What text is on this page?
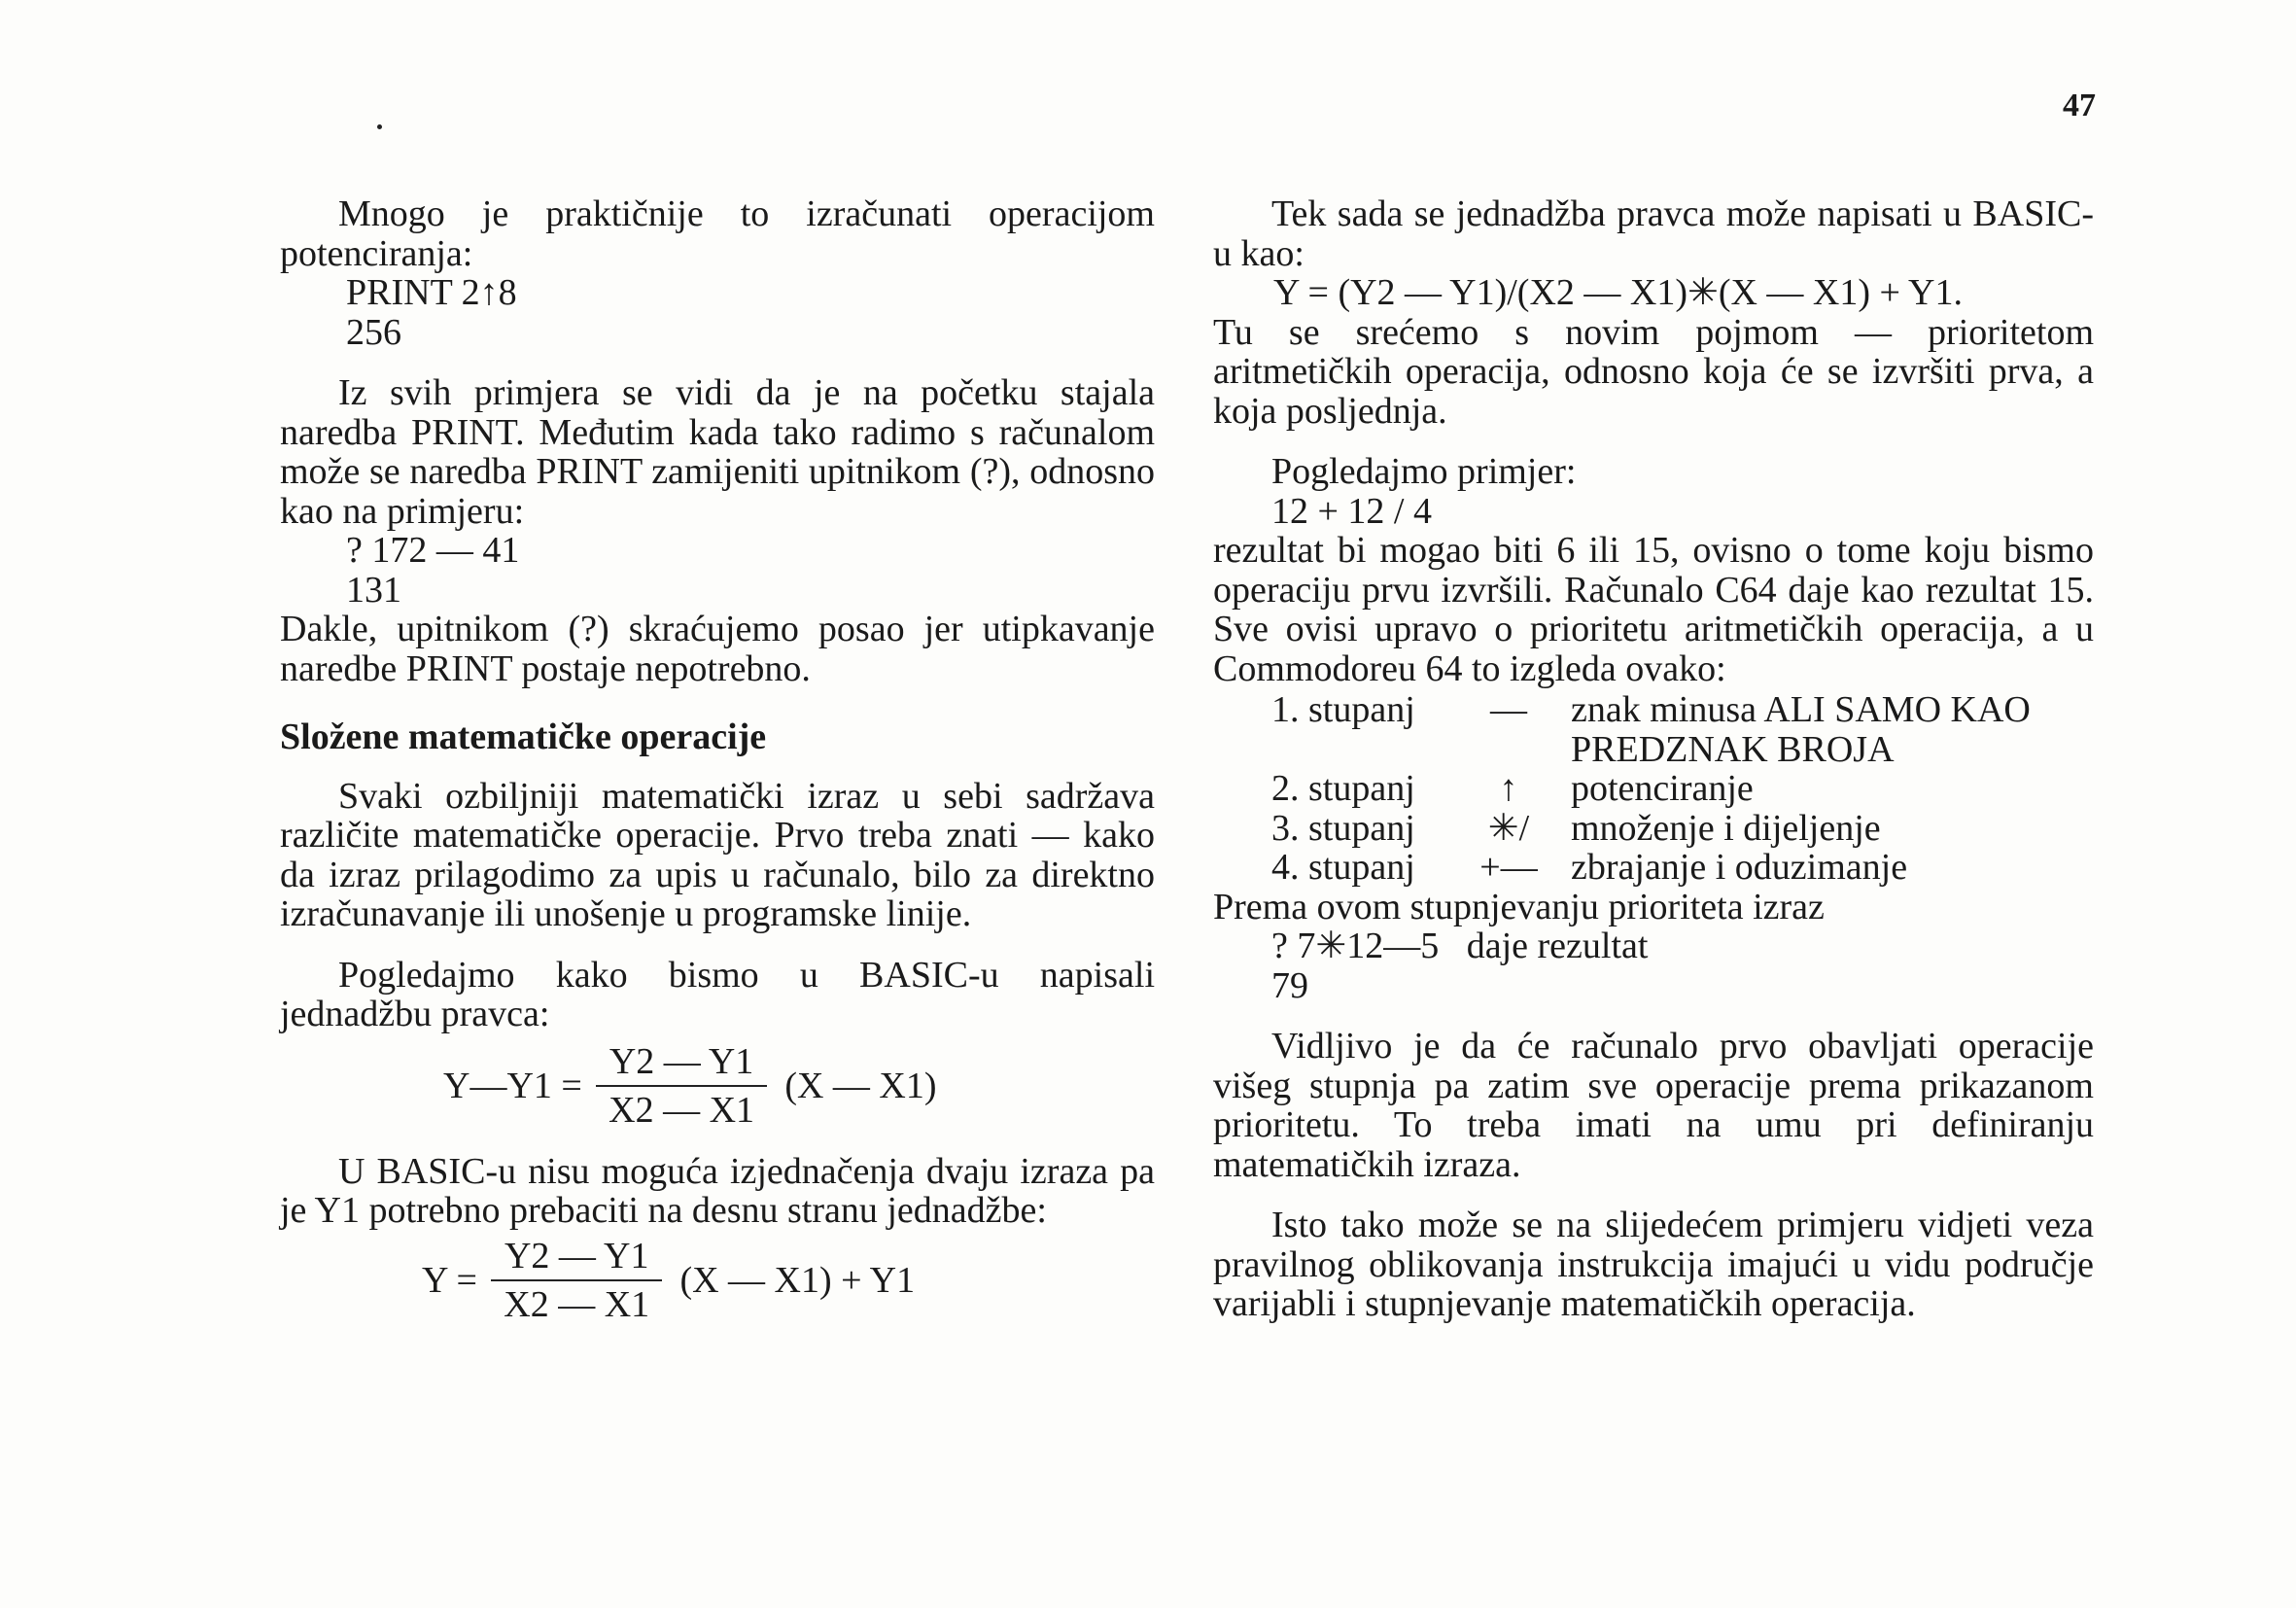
47

Mnogo je praktičnije to izračunati operacijom potenciranja:

PRINT 2↑8

256

Iz svih primjera se vidi da je na početku stajala naredba PRINT. Međutim kada tako radimo s računalom može se naredba PRINT zamijeniti upitnikom (?), odnosno kao na primjeru:

? 172 — 41

131

Dakle, upitnikom (?) skraćujemo posao jer utipkavanje naredbe PRINT postaje nepotrebno.

Složene matematičke operacije

Svaki ozbiljniji matematički izraz u sebi sadržava različite matematičke operacije. Prvo treba znati — kako da izraz prilagodimo za upis u računalo, bilo za direktno izračunavanje ili unošenje u programske linije.

Pogledajmo kako bismo u BASIC-u napisali jednadžbu pravca:

Y—Y1 = $\frac{Y2 — Y1}{X2 — X1} (X$ — X1)

U BASIC-u nisu moguća izjednačenja dvaju izraza pa je Y1 potrebno prebaciti na desnu stranu jednadžbe:

$Y = \frac{Y2 — Y1}{X2 — X1} (X$ — X1) + Y1

Tek sada se jednadžba pravca može napisati u BASIC-u kao:

Y = (Y2 — Y1)/(X2 — X1)✳(X — X1) + Y1.

Tu se srećemo s novim pojmom — prioritetom aritmetičkih operacija, odnosno koja će se izvršiti prva, a koja posljednja.

Pogledajmo primjer:

12 + 12 / 4

rezultat bi mogao biti 6 ili 15, ovisno o tome koju bismo operaciju prvu izvršili. Računalo C64 daje kao rezultat 15. Sve ovisi upravo o prioritetu aritmetičkih operacija, a u Commodoreu 64 to izgleda ovako:

1. stupanj	—	znak minusa ALI SAMO KAO PREDZNAK BROJA
2. stupanj	↑	potenciranje
3. stupanj	✳/	množenje i dijeljenje
4. stupanj	+—	zbrajanje i oduzimanje

Prema ovom stupnjevanju prioriteta izraz

? 7✳12—5   daje rezultat

79

Vidljivo je da će računalo prvo obavljati operacije višeg stupnja pa zatim sve operacije prema prikazanom prioritetu. To treba imati na umu pri definiranju matematičkih izraza.

Isto tako može se na slijedećem primjeru vidjeti veza pravilnog oblikovanja instrukcija imajući u vidu područje varijabli i stupnjevanje matematičkih operacija.
